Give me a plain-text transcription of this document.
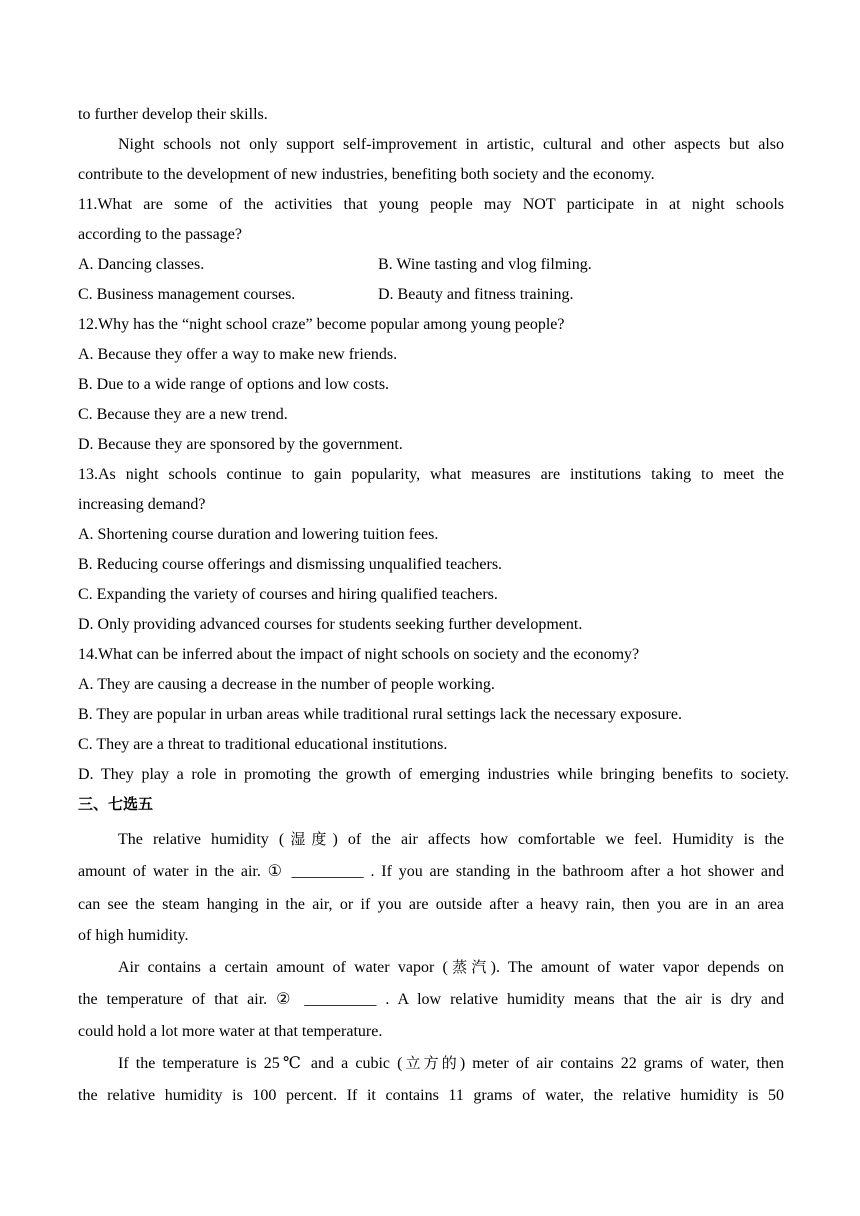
to further develop their skills.
Night schools not only support self-improvement in artistic, cultural and other aspects but also
contribute to the development of new industries, benefiting both society and the economy.
11.What are some of the activities that young people may NOT participate in at night schools
according to the passage?
A. Dancing classes.	B. Wine tasting and vlog filming.
C. Business management courses.	D. Beauty and fitness training.
12.Why has the “night school craze” become popular among young people?
A. Because they offer a way to make new friends.
B. Due to a wide range of options and low costs.
C. Because they are a new trend.
D. Because they are sponsored by the government.
13.As night schools continue to gain popularity, what measures are institutions taking to meet the
increasing demand?
A. Shortening course duration and lowering tuition fees.
B. Reducing course offerings and dismissing unqualified teachers.
C. Expanding the variety of courses and hiring qualified teachers.
D. Only providing advanced courses for students seeking further development.
14.What can be inferred about the impact of night schools on society and the economy?
A. They are causing a decrease in the number of people working.
B. They are popular in urban areas while traditional rural settings lack the necessary exposure.
C. They are a threat to traditional educational institutions.
D. They play a role in promoting the growth of emerging industries while bringing benefits to society.
三、七选五
The relative humidity (湿度) of the air affects how comfortable we feel. Humidity is the
amount of water in the air. ① _________ . If you are standing in the bathroom after a hot shower and
can see the steam hanging in the air, or if you are outside after a heavy rain, then you are in an area
of high humidity.
Air contains a certain amount of water vapor (蒸汽). The amount of water vapor depends on
the temperature of that air. ② _________ . A low relative humidity means that the air is dry and
could hold a lot more water at that temperature.
If the temperature is 25℃ and a cubic (立方的) meter of air contains 22 grams of water, then
the relative humidity is 100 percent. If it contains 11 grams of water, the relative humidity is 50
